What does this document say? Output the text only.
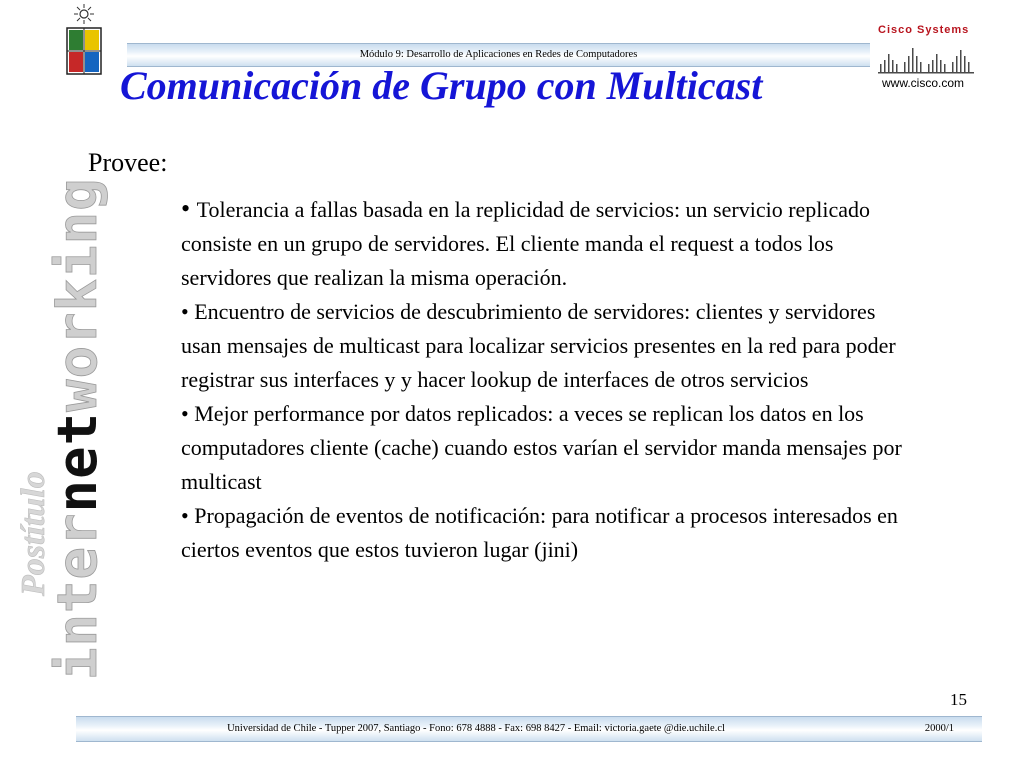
Módulo 9: Desarrollo de Aplicaciones en Redes de Computadores
Cisco Systems
www.cisco.com
Comunicación de Grupo con Multicast
Postítulo
internetworking
Provee:

• Tolerancia a fallas basada en la replicidad de servicios: un servicio replicado consiste en un grupo de servidores. El cliente manda el request a todos los servidores que realizan la misma operación.

• Encuentro de servicios de descubrimiento de servidores: clientes y servidores usan mensajes de multicast para localizar servicios presentes en la red para poder registrar sus interfaces y y hacer lookup de interfaces de otros servicios

• Mejor performance por datos replicados: a veces se replican los datos en los computadores cliente (cache) cuando estos varían el servidor manda mensajes por multicast

• Propagación de eventos de notificación: para notificar a procesos interesados en ciertos eventos que estos tuvieron lugar (jini)

15
Universidad de Chile - Tupper 2007, Santiago - Fono: 678 4888 - Fax: 698 8427 - Email: victoria.gaete @die.uchile.cl	2000/1
